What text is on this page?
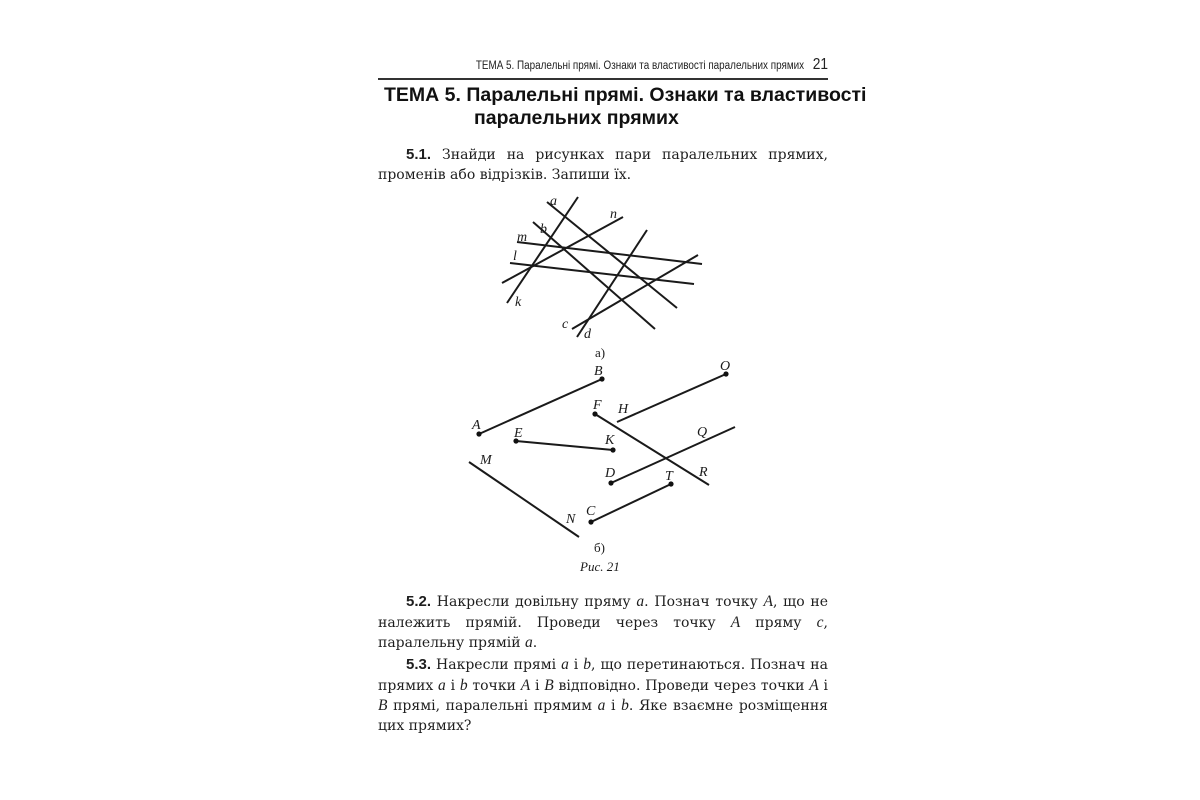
ТЕМА 5. Паралельні прямі. Ознаки та властивості паралельних прямих 21
ТЕМА 5. Паралельні прямі. Ознаки та властивості
паралельних прямих
5.1. Знайди на рисунках пари паралельних прямих, променів або відрізків. Запиши їх.
a
b
m
l
n
k
c
d
а)
B	O
F H
A
E	K
Q
M
D	T R
C
N
б)
Рис. 21
5.2. Накресли довільну пряму a. Познач точку A, що не належить прямій. Проведи через точку A пряму c, паралельну прямій a.
5.3. Накресли прямі a і b, що перетинаються. Познач на прямих a і b точки A і B відповідно. Проведи через точки A і B прямі, паралельні прямим a і b. Яке взаємне розміщення цих прямих?
